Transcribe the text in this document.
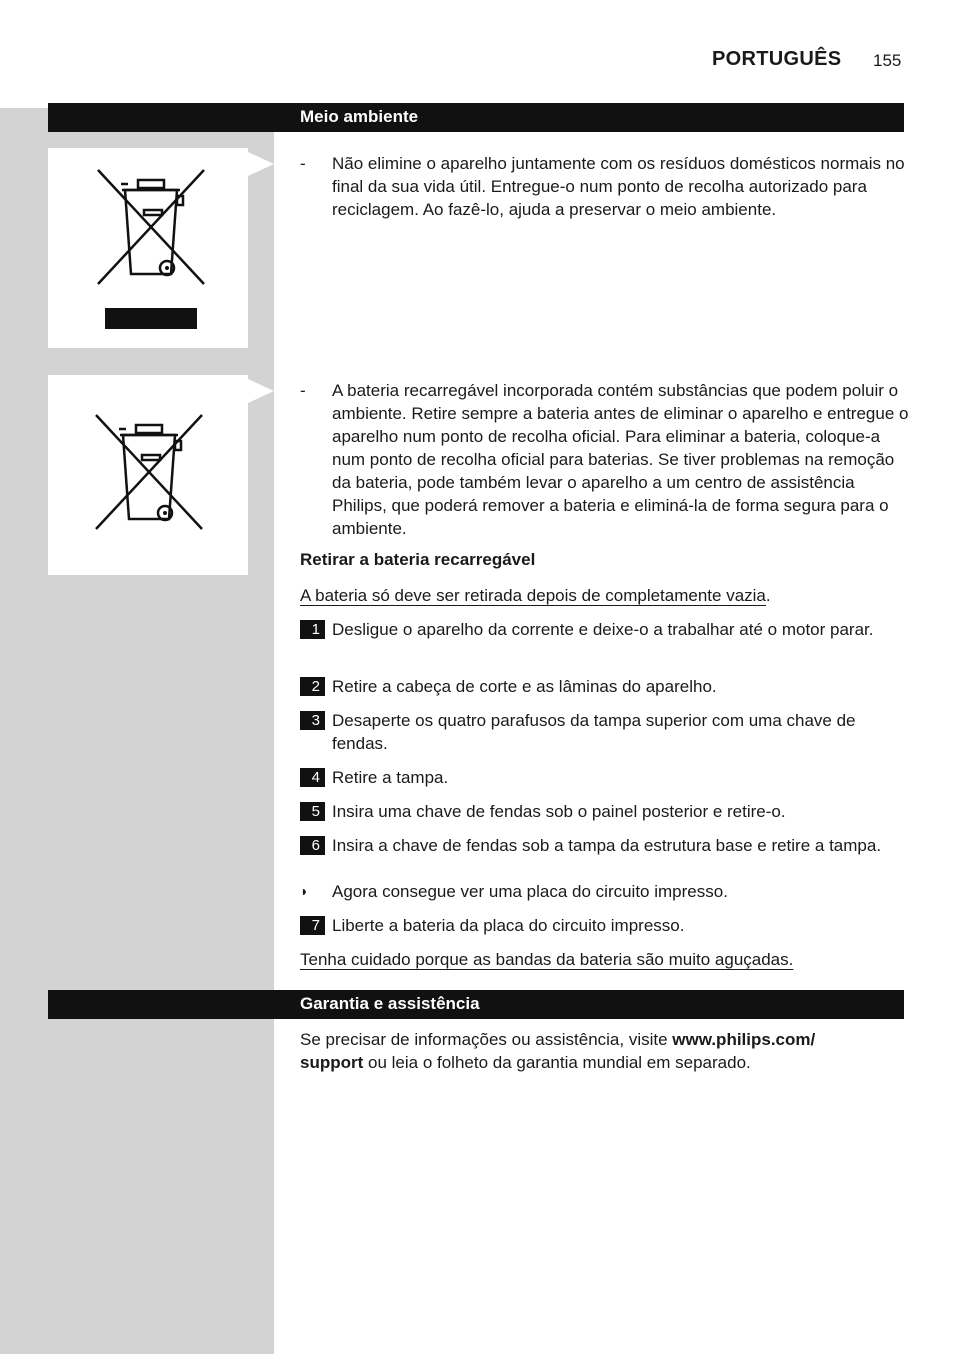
PORTUGUÊS 155
Meio ambiente
- Não elimine o aparelho juntamente com os resíduos domésticos normais no final da sua vida útil. Entregue-o num ponto de recolha autorizado para reciclagem. Ao fazê-lo, ajuda a preservar o meio ambiente.
- A bateria recarregável incorporada contém substâncias que podem poluir o ambiente. Retire sempre a bateria antes de eliminar o aparelho e entregue o aparelho num ponto de recolha oficial. Para eliminar a bateria, coloque-a num ponto de recolha oficial para baterias. Se tiver problemas na remoção da bateria, pode também levar o aparelho a um centro de assistência Philips, que poderá remover a bateria e eliminá-la de forma segura para o ambiente.
Retirar a bateria recarregável
A bateria só deve ser retirada depois de completamente vazia.
1 Desligue o aparelho da corrente e deixe-o a trabalhar até o motor parar.
2 Retire a cabeça de corte e as lâminas do aparelho.
3 Desaperte os quatro parafusos da tampa superior com uma chave de fendas.
4 Retire a tampa.
5 Insira uma chave de fendas sob o painel posterior e retire-o.
6 Insira a chave de fendas sob a tampa da estrutura base e retire a tampa.
◗ Agora consegue ver uma placa do circuito impresso.
7 Liberte a bateria da placa do circuito impresso.
Tenha cuidado porque as bandas da bateria são muito aguçadas.
Garantia e assistência
Se precisar de informações ou assistência, visite www.philips.com/
support ou leia o folheto da garantia mundial em separado.
